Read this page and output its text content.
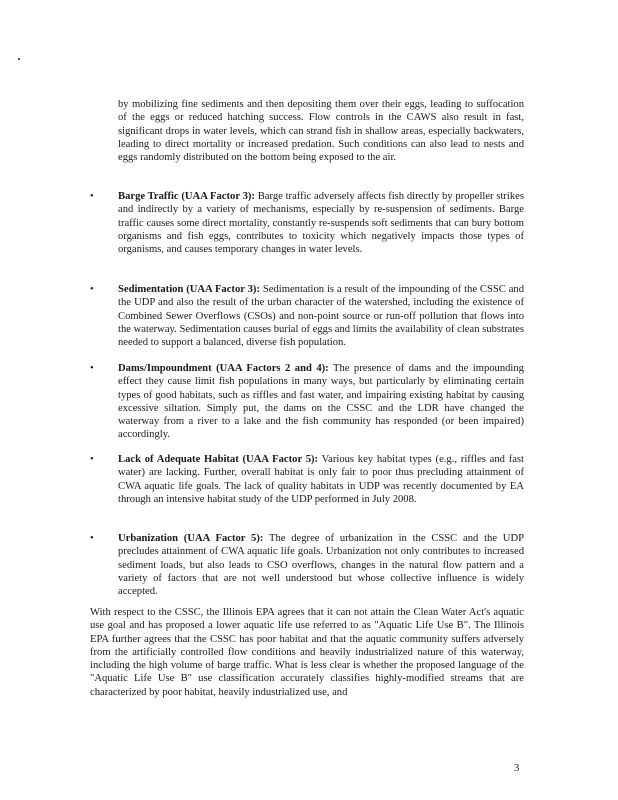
by mobilizing fine sediments and then depositing them over their eggs, leading to suffocation of the eggs or reduced hatching success. Flow controls in the CAWS also result in fast, significant drops in water levels, which can strand fish in shallow areas, especially backwaters, leading to direct mortality or increased predation. Such conditions can also lead to nests and eggs randomly distributed on the bottom being exposed to the air.

•	Barge Traffic (UAA Factor 3): Barge traffic adversely affects fish directly by propeller strikes and indirectly by a variety of mechanisms, especially by re-suspension of sediments. Barge traffic causes some direct mortality, constantly re-suspends soft sediments that can bury bottom organisms and fish eggs, contributes to toxicity which negatively impacts those types of organisms, and causes temporary changes in water levels.

•	Sedimentation (UAA Factor 3): Sedimentation is a result of the impounding of the CSSC and the UDP and also the result of the urban character of the watershed, including the existence of Combined Sewer Overflows (CSOs) and non-point source or run-off pollution that flows into the waterway. Sedimentation causes burial of eggs and limits the availability of clean substrates needed to support a balanced, diverse fish population.

•	Dams/Impoundment (UAA Factors 2 and 4): The presence of dams and the impounding effect they cause limit fish populations in many ways, but particularly by eliminating certain types of good habitats, such as riffles and fast water, and impairing existing habitat by causing excessive siltation. Simply put, the dams on the CSSC and the LDR have changed the waterway from a river to a lake and the fish community has responded (or been impaired) accordingly.

•	Lack of Adequate Habitat (UAA Factor 5): Various key habitat types (e.g., riffles and fast water) are lacking. Further, overall habitat is only fair to poor thus precluding attainment of CWA aquatic life goals. The lack of quality habitats in UDP was recently documented by EA through an intensive habitat study of the UDP performed in July 2008.

•	Urbanization (UAA Factor 5): The degree of urbanization in the CSSC and the UDP precludes attainment of CWA aquatic life goals. Urbanization not only contributes to increased sediment loads, but also leads to CSO overflows, changes in the natural flow pattern and a variety of factors that are not well understood but whose collective influence is widely accepted.

With respect to the CSSC, the Illinois EPA agrees that it can not attain the Clean Water Act's aquatic use goal and has proposed a lower aquatic life use referred to as "Aquatic Life Use B". The Illinois EPA further agrees that the CSSC has poor habitat and that the aquatic community suffers adversely from the artificially controlled flow conditions and heavily industrialized nature of this waterway, including the high volume of barge traffic. What is less clear is whether the proposed language of the "Aquatic Life Use B" use classification accurately classifies highly-modified streams that are characterized by poor habitat, heavily industrialized use, and

3
